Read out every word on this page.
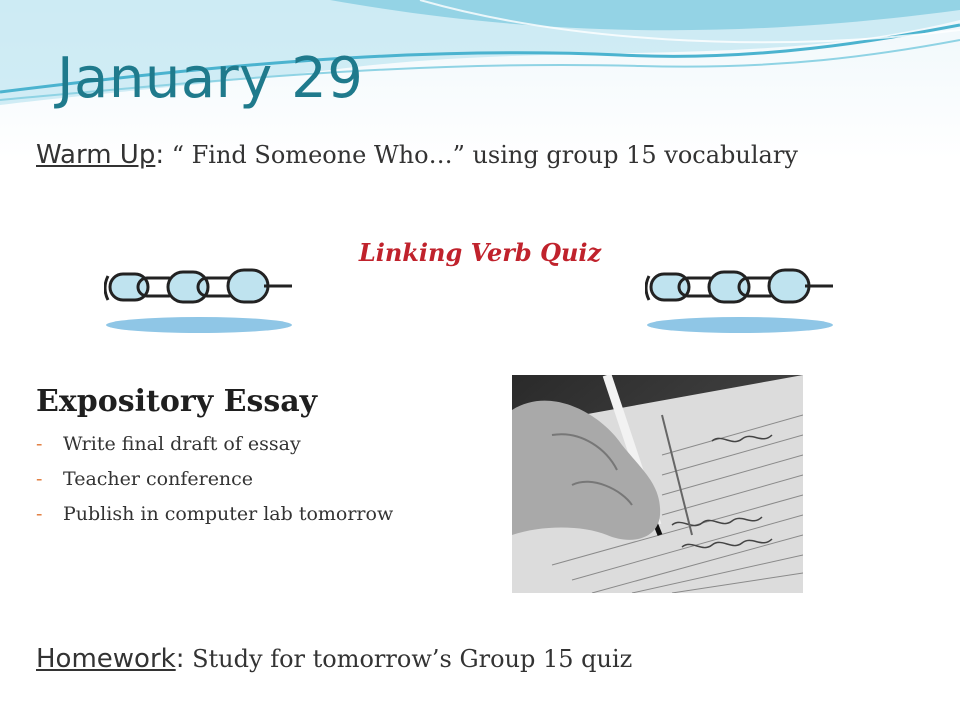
January 29
Warm Up: “ Find Someone Who…” using group 15 vocabulary
Linking Verb Quiz
Expository Essay
- Write final draft of essay
- Teacher conference
- Publish in computer lab tomorrow
Homework: Study for tomorrow’s Group 15 quiz
